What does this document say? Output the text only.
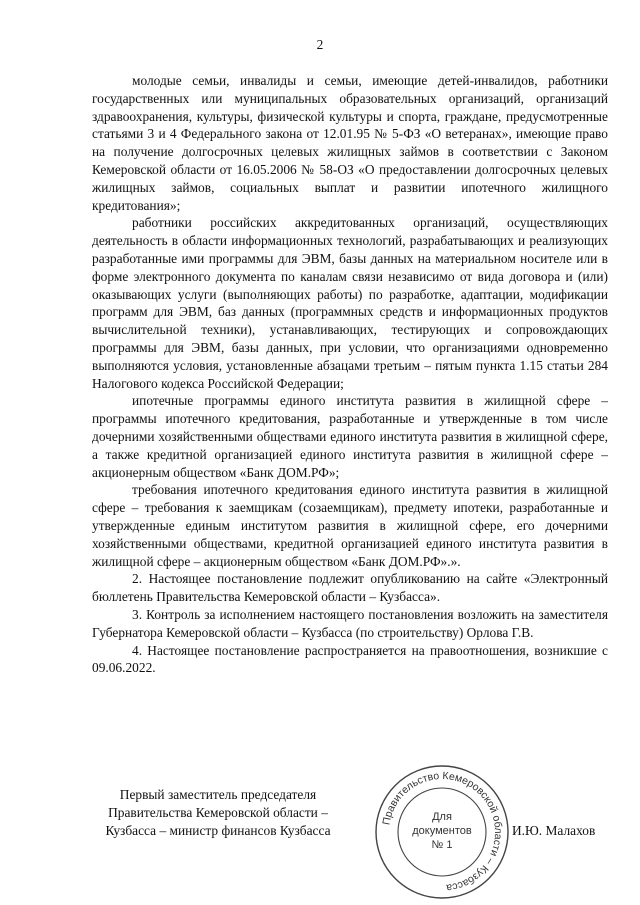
2

молодые семьи, инвалиды и семьи, имеющие детей-инвалидов, работники государственных или муниципальных образовательных организаций, организаций здравоохранения, культуры, физической культуры и спорта, граждане, предусмотренные статьями 3 и 4 Федерального закона от 12.01.95 № 5-ФЗ «О ветеранах», имеющие право на получение долгосрочных целевых жилищных займов в соответствии с Законом Кемеровской области от 16.05.2006 № 58-ОЗ «О предоставлении долгосрочных целевых жилищных займов, социальных выплат и развитии ипотечного жилищного кредитования»;

работники российских аккредитованных организаций, осуществляющих деятельность в области информационных технологий, разрабатывающих и реализующих разработанные ими программы для ЭВМ, базы данных на материальном носителе или в форме электронного документа по каналам связи независимо от вида договора и (или) оказывающих услуги (выполняющих работы) по разработке, адаптации, модификации программ для ЭВМ, баз данных (программных средств и информационных продуктов вычислительной техники), устанавливающих, тестирующих и сопровождающих программы для ЭВМ, базы данных, при условии, что организациями одновременно выполняются условия, установленные абзацами третьим – пятым пункта 1.15 статьи 284 Налогового кодекса Российской Федерации;

ипотечные программы единого института развития в жилищной сфере – программы ипотечного кредитования, разработанные и утвержденные в том числе дочерними хозяйственными обществами единого института развития в жилищной сфере, а также кредитной организацией единого института развития в жилищной сфере – акционерным обществом «Банк ДОМ.РФ»;

требования ипотечного кредитования единого института развития в жилищной сфере – требования к заемщикам (созаемщикам), предмету ипотеки, разработанные и утвержденные единым институтом развития в жилищной сфере, его дочерними хозяйственными обществами, кредитной организацией единого института развития в жилищной сфере – акционерным обществом «Банк ДОМ.РФ».».

2. Настоящее постановление подлежит опубликованию на сайте «Электронный бюллетень Правительства Кемеровской области – Кузбасса».

3. Контроль за исполнением настоящего постановления возложить на заместителя Губернатора Кемеровской области – Кузбасса (по строительству) Орлова Г.В.

4. Настоящее постановление распространяется на правоотношения, возникшие с 09.06.2022.

Первый заместитель председателя
Правительства Кемеровской области –
Кузбасса – министр финансов Кузбасса
Правительство Кемеровской области – Кузбасса
Для
документов
№ 1
И.Ю. Малахов
